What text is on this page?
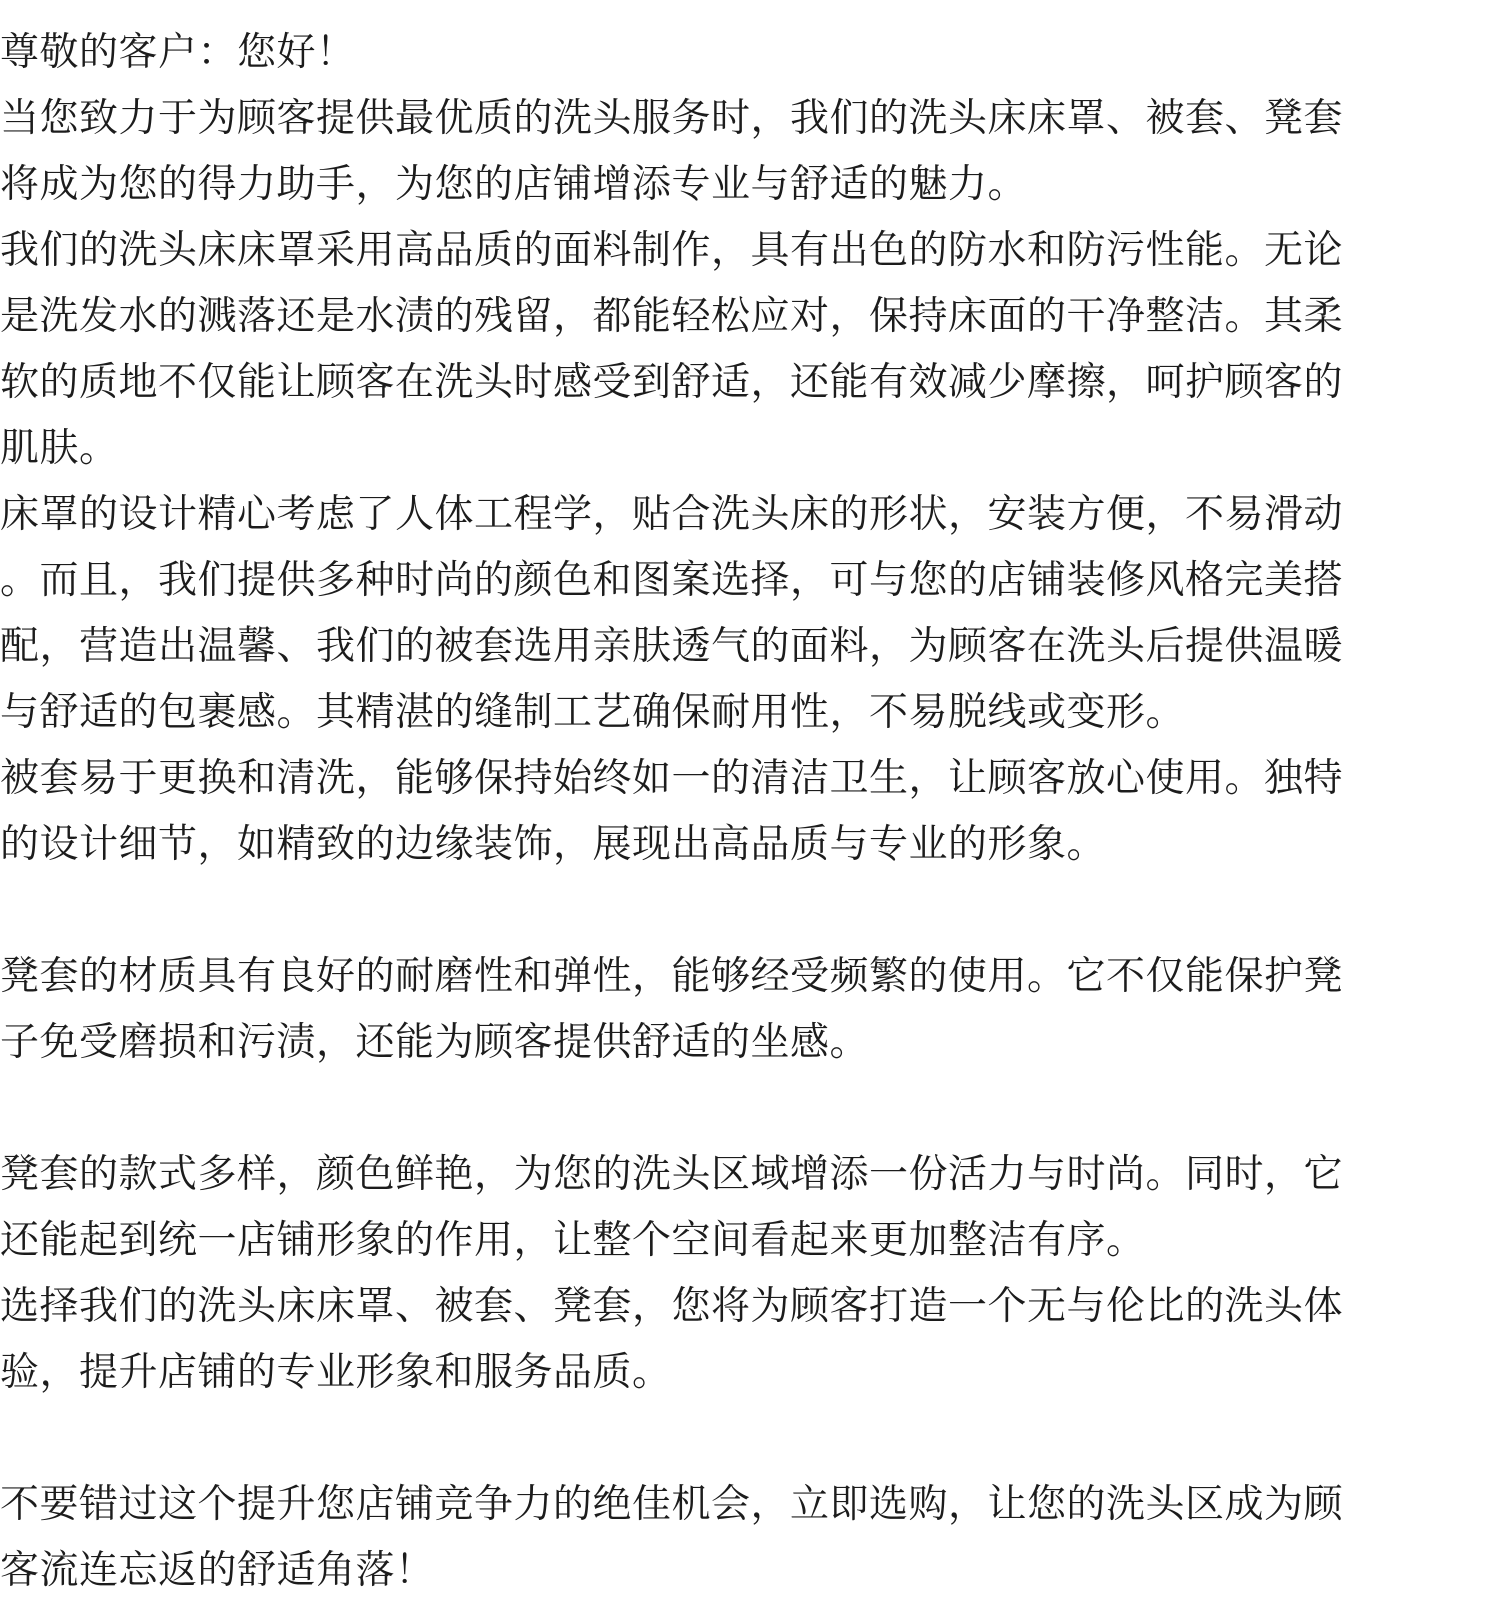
尊敬的客户：您好！
当您致力于为顾客提供最优质的洗头服务时，我们的洗头床床罩、被套、凳套
将成为您的得力助手，为您的店铺增添专业与舒适的魅力。
我们的洗头床床罩采用高品质的面料制作，具有出色的防水和防污性能。无论
是洗发水的溅落还是水渍的残留，都能轻松应对，保持床面的干净整洁。其柔
软的质地不仅能让顾客在洗头时感受到舒适，还能有效减少摩擦，呵护顾客的
肌肤。
床罩的设计精心考虑了人体工程学，贴合洗头床的形状，安装方便，不易滑动
。而且，我们提供多种时尚的颜色和图案选择，可与您的店铺装修风格完美搭
配，营造出温馨、我们的被套选用亲肤透气的面料，为顾客在洗头后提供温暖
与舒适的包裹感。其精湛的缝制工艺确保耐用性，不易脱线或变形。
被套易于更换和清洗，能够保持始终如一的清洁卫生，让顾客放心使用。独特
的设计细节，如精致的边缘装饰，展现出高品质与专业的形象。
凳套的材质具有良好的耐磨性和弹性，能够经受频繁的使用。它不仅能保护凳
子免受磨损和污渍，还能为顾客提供舒适的坐感。
凳套的款式多样，颜色鲜艳，为您的洗头区域增添一份活力与时尚。同时，它
还能起到统一店铺形象的作用，让整个空间看起来更加整洁有序。
选择我们的洗头床床罩、被套、凳套，您将为顾客打造一个无与伦比的洗头体
验，提升店铺的专业形象和服务品质。
不要错过这个提升您店铺竞争力的绝佳机会，立即选购，让您的洗头区成为顾
客流连忘返的舒适角落！
